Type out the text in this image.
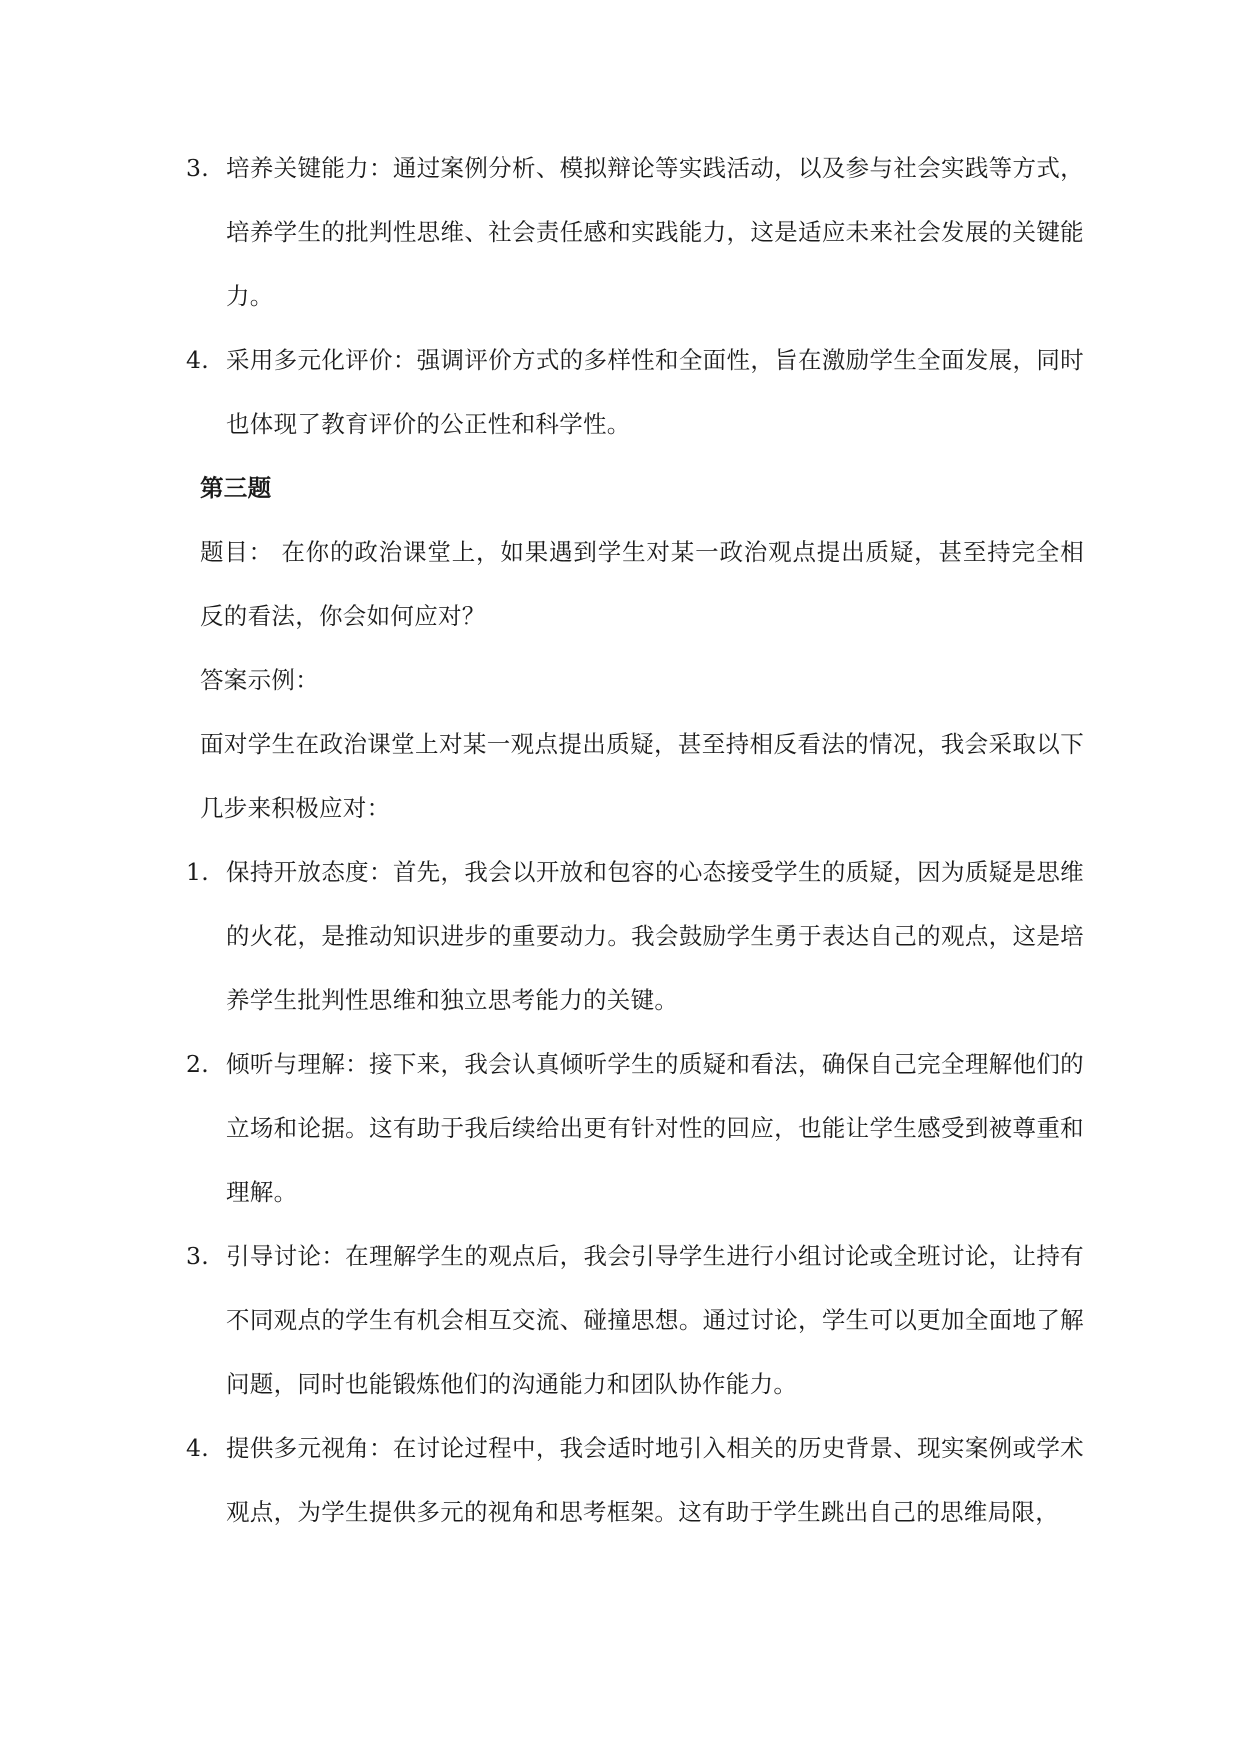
3. 培养关键能力：通过案例分析、模拟辩论等实践活动，以及参与社会实践等方式，培养学生的批判性思维、社会责任感和实践能力，这是适应未来社会发展的关键能力。
4. 采用多元化评价：强调评价方式的多样性和全面性，旨在激励学生全面发展，同时也体现了教育评价的公正性和科学性。

第三题

题目： 在你的政治课堂上，如果遇到学生对某一政治观点提出质疑，甚至持完全相反的看法，你会如何应对？

答案示例：

面对学生在政治课堂上对某一观点提出质疑，甚至持相反看法的情况，我会采取以下几步来积极应对：

1. 保持开放态度：首先，我会以开放和包容的心态接受学生的质疑，因为质疑是思维的火花，是推动知识进步的重要动力。我会鼓励学生勇于表达自己的观点，这是培养学生批判性思维和独立思考能力的关键。
2. 倾听与理解：接下来，我会认真倾听学生的质疑和看法，确保自己完全理解他们的立场和论据。这有助于我后续给出更有针对性的回应，也能让学生感受到被尊重和理解。
3. 引导讨论：在理解学生的观点后，我会引导学生进行小组讨论或全班讨论，让持有不同观点的学生有机会相互交流、碰撞思想。通过讨论，学生可以更加全面地了解问题，同时也能锻炼他们的沟通能力和团队协作能力。
4. 提供多元视角：在讨论过程中，我会适时地引入相关的历史背景、现实案例或学术观点，为学生提供多元的视角和思考框架。这有助于学生跳出自己的思维局限，
